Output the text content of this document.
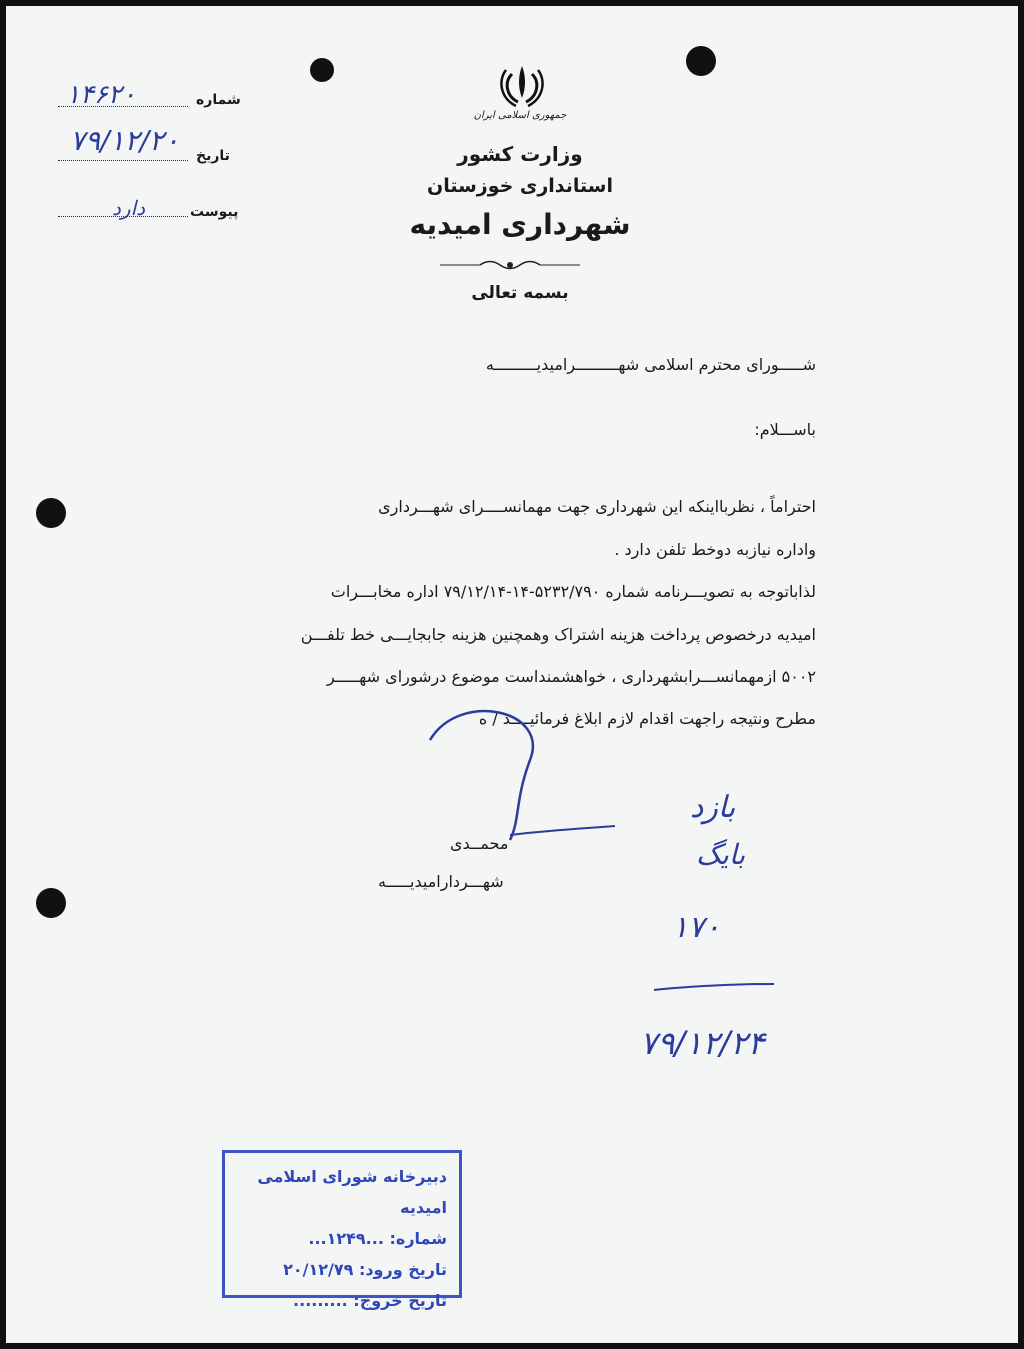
جمهوری اسلامی ایران
شماره
۱۴۶۲۰
تاریخ
۷۹/۱۲/۲۰
پیوست
دارد
وزارت کشور
استانداری خوزستان
شهرداری امیدیه
بسمه تعالی
شـــــورای محترم اسلامی شهـــــــــرامیدیـــــــــه
باســـلام:
احتراماً ، نظربااینکه این شهرداری جهت مهمانســــرای شهـــرداری
واداره نیازبه دوخط تلفن دارد .
لذاباتوجه به تصویـــرنامه شماره ۵۲۳۲/۷۹۰-۱۴-۷۹/۱۲/۱۴ اداره مخابـــرات
امیدیه درخصوص پرداخت هزینه اشتراک وهمچنین هزینه جابجایـــی خط تلفـــن
۵۰۰۲ ازمهمانســـرابشهرداری ، خواهشمنداست موضوع درشورای شهـــــر
مطرح ونتیجه راجهت اقدام لازم ابلاغ فرمائیــــد / ه
محمــدی
شهـــرداراميديـــــه
بازد
بایگ
۱۷۰
۷۹/۱۲/۲۴
دبیرخانه شورای اسلامی امیدیه
شماره: ...۱۲۴۹...
تاریخ ورود: ۲۰/۱۲/۷۹
تاریخ خروج: .........
